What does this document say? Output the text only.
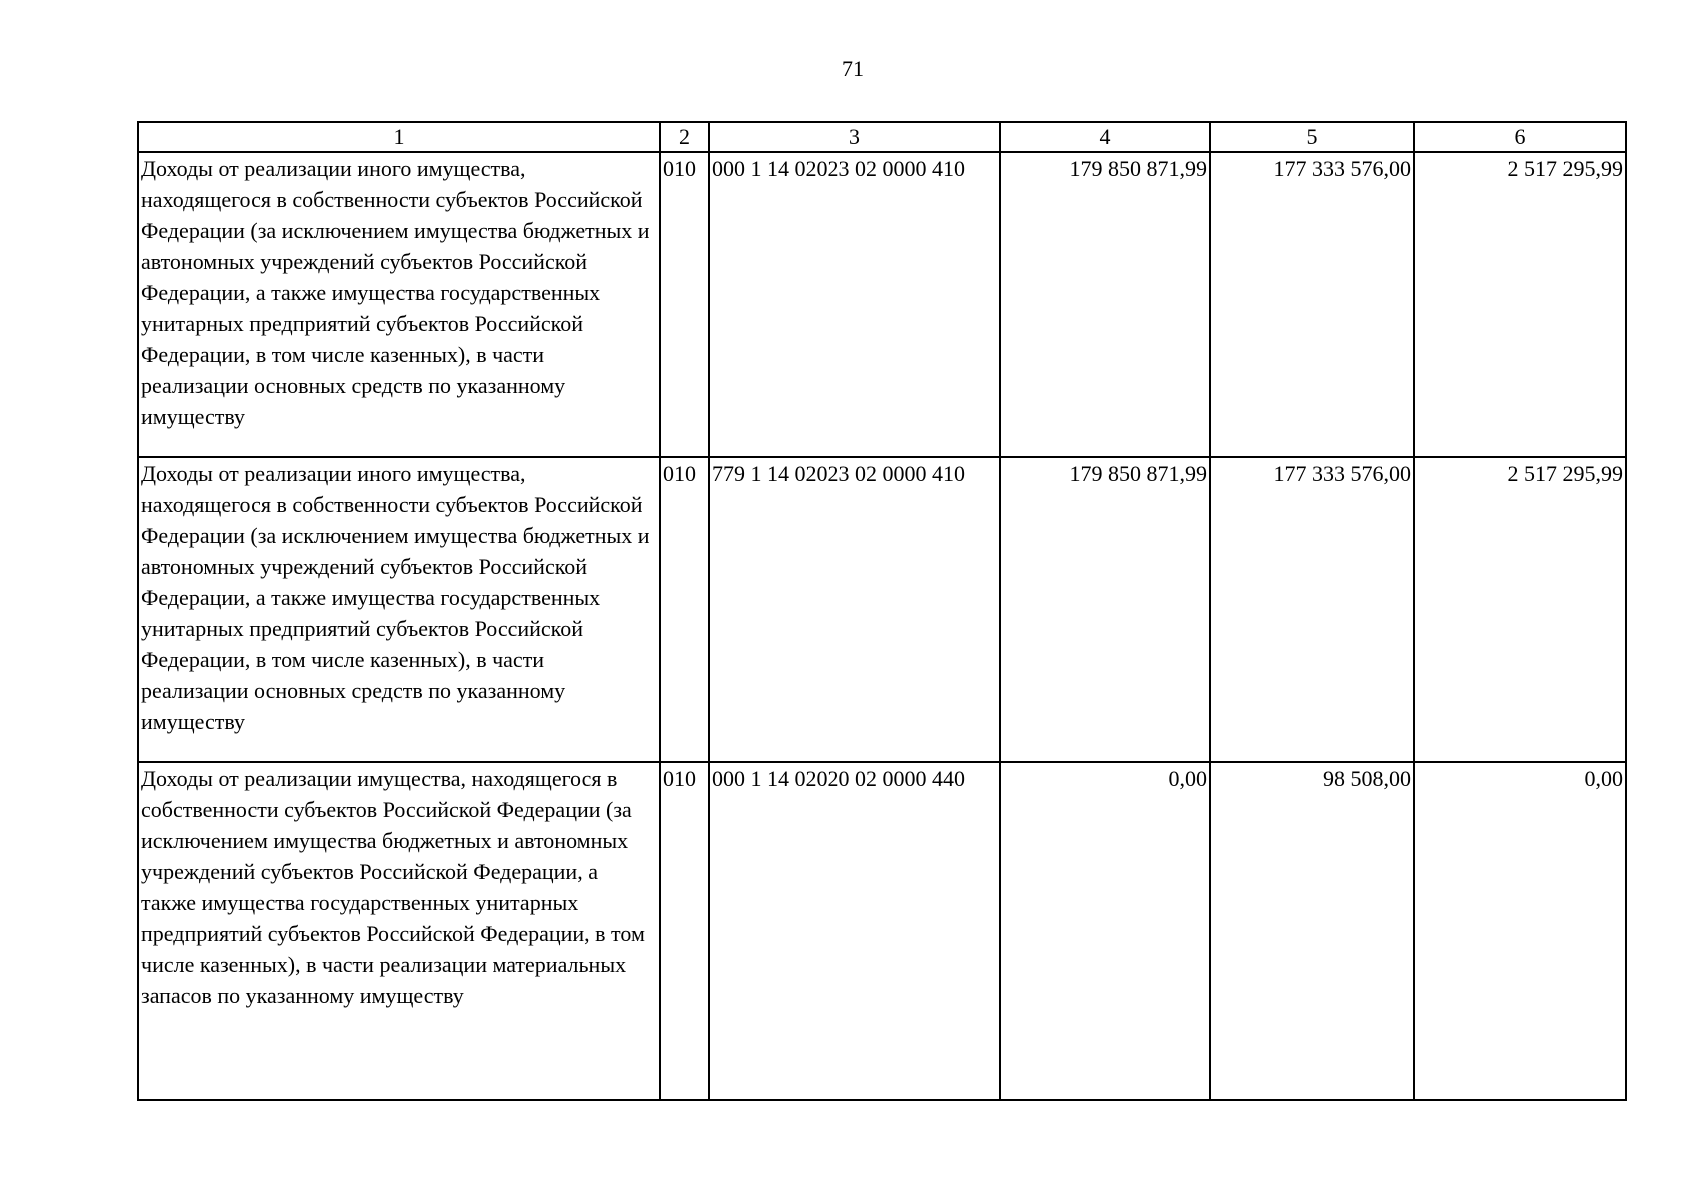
71
1	2	3	4	5	6
Доходы от реализации иного имущества, находящегося в собственности субъектов Российской Федерации (за исключением имущества бюджетных и автономных учреждений субъектов Российской Федерации, а также имущества государственных унитарных предприятий субъектов Российской Федерации, в том числе казенных), в части реализации основных средств по указанному имуществу	010	000 1 14 02023 02 0000 410	179 850 871,99	177 333 576,00	2 517 295,99
Доходы от реализации иного имущества, находящегося в собственности субъектов Российской Федерации (за исключением имущества бюджетных и автономных учреждений субъектов Российской Федерации, а также имущества государственных унитарных предприятий субъектов Российской Федерации, в том числе казенных), в части реализации основных средств по указанному имуществу	010	779 1 14 02023 02 0000 410	179 850 871,99	177 333 576,00	2 517 295,99
Доходы от реализации имущества, находящегося в собственности субъектов Российской Федерации (за исключением имущества бюджетных и автономных учреждений субъектов Российской Федерации, а также имущества государственных унитарных предприятий субъектов Российской Федерации, в том числе казенных), в части реализации материальных запасов по указанному имуществу	010	000 1 14 02020 02 0000 440	0,00	98 508,00	0,00
